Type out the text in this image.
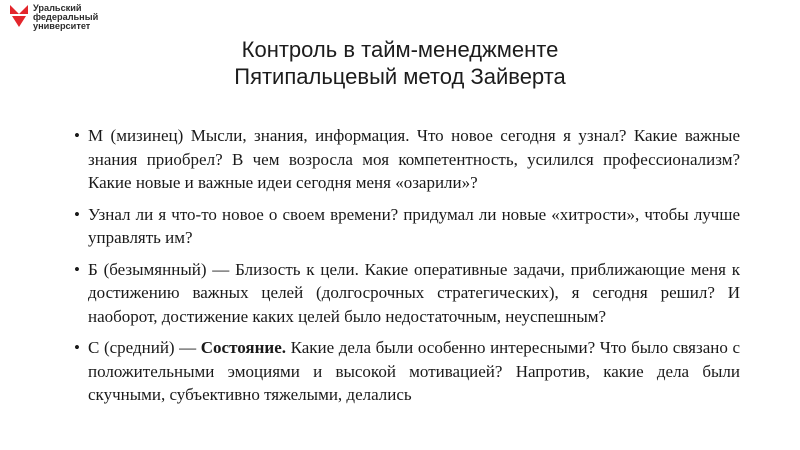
Уральский
федеральный
университет
Контроль в тайм-менеджменте
Пятипальцевый метод Зайверта
• М (мизинец) Мысли, знания, информация. Что новое сегодня я узнал? Какие важные знания приобрел? В чем возросла моя компетентность, усилился профессионализм? Какие новые и важные идеи сегодня меня «озарили»?
• Узнал ли я что-то новое о своем времени? придумал ли новые «хитрости», чтобы лучше управлять им?
• Б (безымянный) — Близость к цели. Какие оперативные задачи, приближающие меня к достижению важных целей (долгосрочных стратегических), я сегодня решил? И наоборот, достижение каких целей было недостаточным, неуспешным?
• С (средний) — Состояние. Какие дела были особенно интересными? Что было связано с положительными эмоциями и высокой мотивацией? Напротив, какие дела были скучными, субъективно тяжелыми, делались
